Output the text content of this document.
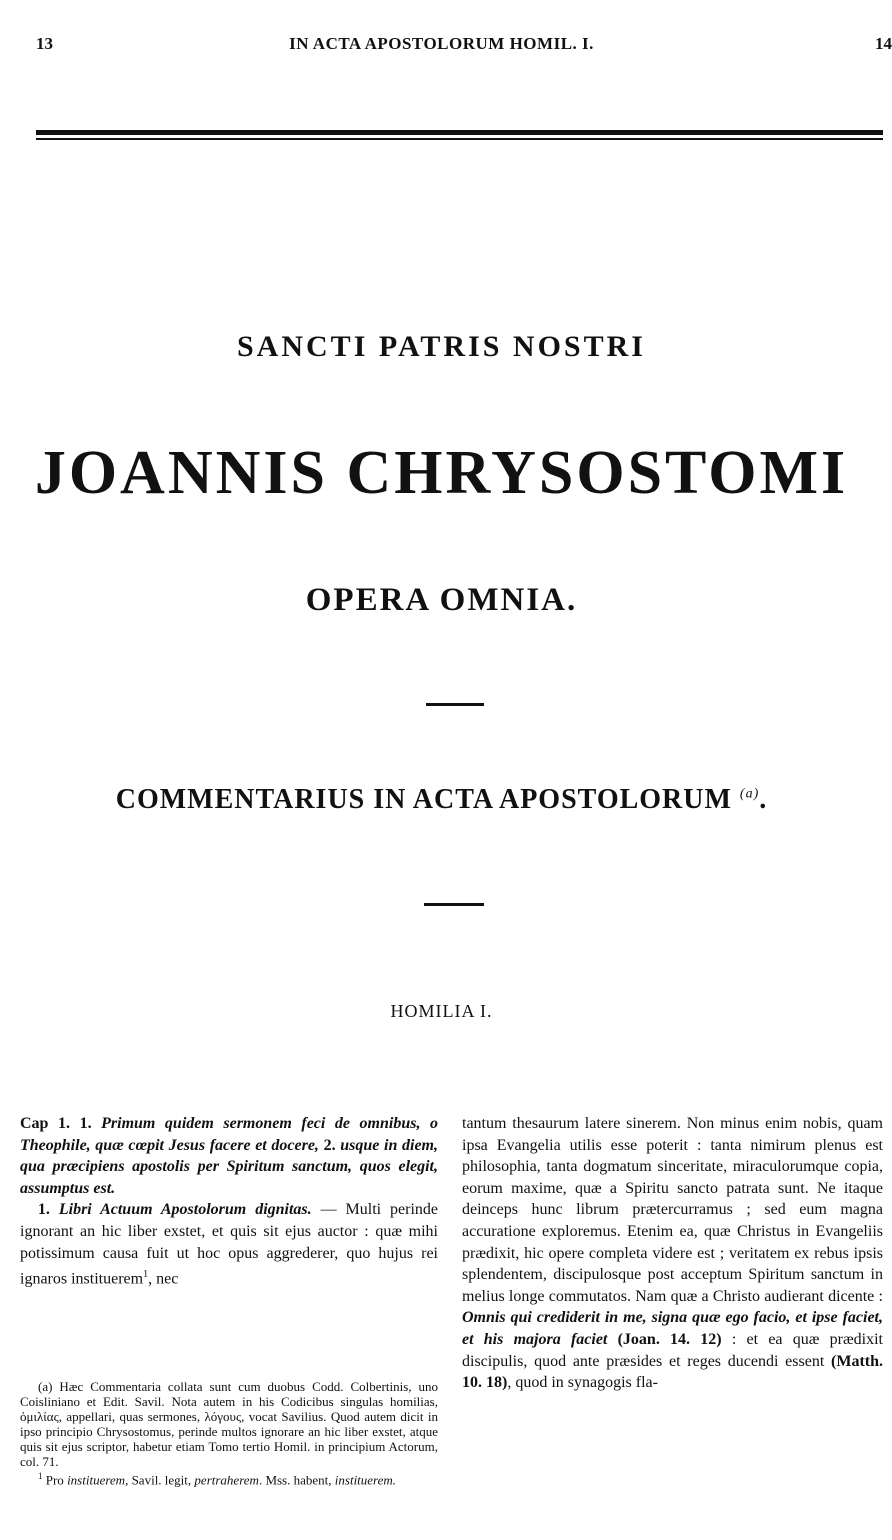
13	IN ACTA APOSTOLORUM HOMIL. I.	14
SANCTI PATRIS NOSTRI
JOANNIS CHRYSOSTOMI
OPERA OMNIA.
COMMENTARIUS IN ACTA APOSTOLORUM $^{(a)}$.
HOMILIA I.

Cap 1. 1. Primum quidem sermonem feci de omnibus, o Theophile, quæ cœpit Jesus facere et docere, 2. usque in diem, qua præcipiens apostolis per Spiritum sanctum, quos elegit, assumptus est.

1. Libri Actuum Apostolorum dignitas. — Multi perinde ignorant an hic liber exstet, et quis sit ejus auctor : quæ mihi potissimum causa fuit ut hoc opus aggrederer, quo hujus rei ignaros instituerem$^1$, nec

(a) Hæc Commentaria collata sunt cum duobus Codd. Colbertinis, uno Coisliniano et Edit. Savil. Nota autem in his Codicibus singulas homilias, ὁμιλίας, appellari, quas sermones, λόγους, vocat Savilius. Quod autem dicit in ipso principio Chrysostomus, perinde multos ignorare an hic liber exstet, atque quis sit ejus scriptor, habetur etiam Tomo tertio Homil. in principium Actorum, col. 71.

$^1$ Pro instituerem, Savil. legit, pertraherem. Mss. habent, instituerem.

tantum thesaurum latere sinerem. Non minus enim nobis, quam ipsa Evangelia utilis esse poterit : tanta nimirum plenus est philosophia, tanta dogmatum sinceritate, miraculorumque copia, eorum maxime, quæ a Spiritu sancto patrata sunt. Ne itaque deinceps hunc librum prætercurramus ; sed eum magna accuratione exploremus. Etenim ea, quæ Christus in Evangeliis prædixit, hic opere completa videre est ; veritatem ex rebus ipsis splendentem, discipulosque post acceptum Spiritum sanctum in melius longe commutatos. Nam quæ a Christo audierant dicente : Omnis qui crediderit in me, signa quæ ego facio, et ipse faciet, et his majora faciet (Joan. 14. 12) : et ea quæ prædixit discipulis, quod ante præsides et reges ducendi essent (Matth. 10. 18), quod in synagogis fla-
